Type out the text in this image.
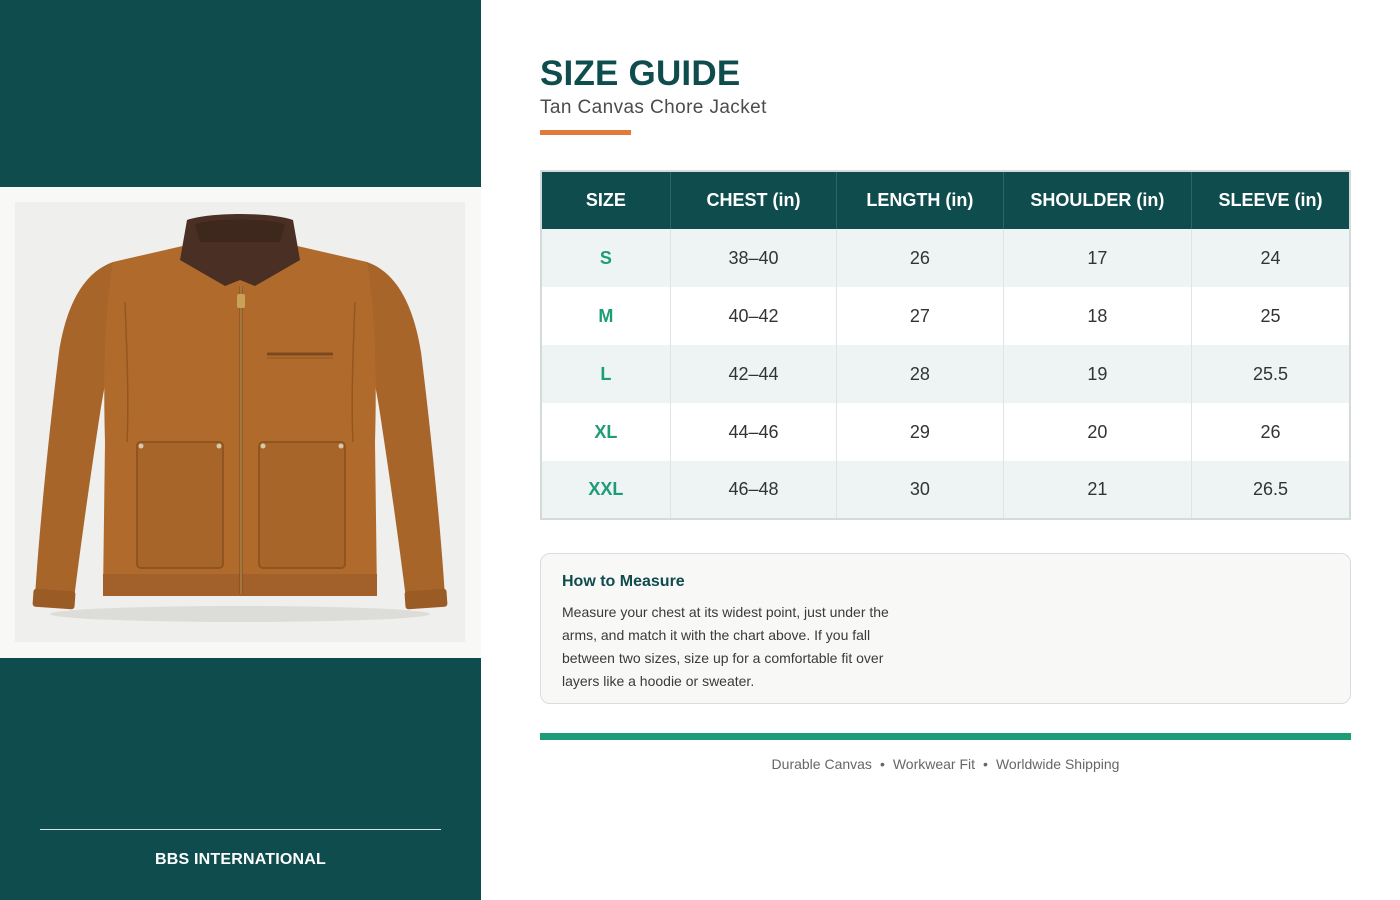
BBS INTERNATIONAL
SIZE GUIDE
Tan Canvas Chore Jacket
SIZE	CHEST (in)	LENGTH (in)	SHOULDER (in)	SLEEVE (in)
S	38–40	26	17	24
M	40–42	27	18	25
L	42–44	28	19	25.5
XL	44–46	29	20	26
XXL	46–48	30	21	26.5
How to Measure
Measure your chest at its widest point, just under the arms, and match it with the chart above. If you fall between two sizes, size up for a comfortable fit over layers like a hoodie or sweater.
Durable Canvas • Workwear Fit • Worldwide Shipping
